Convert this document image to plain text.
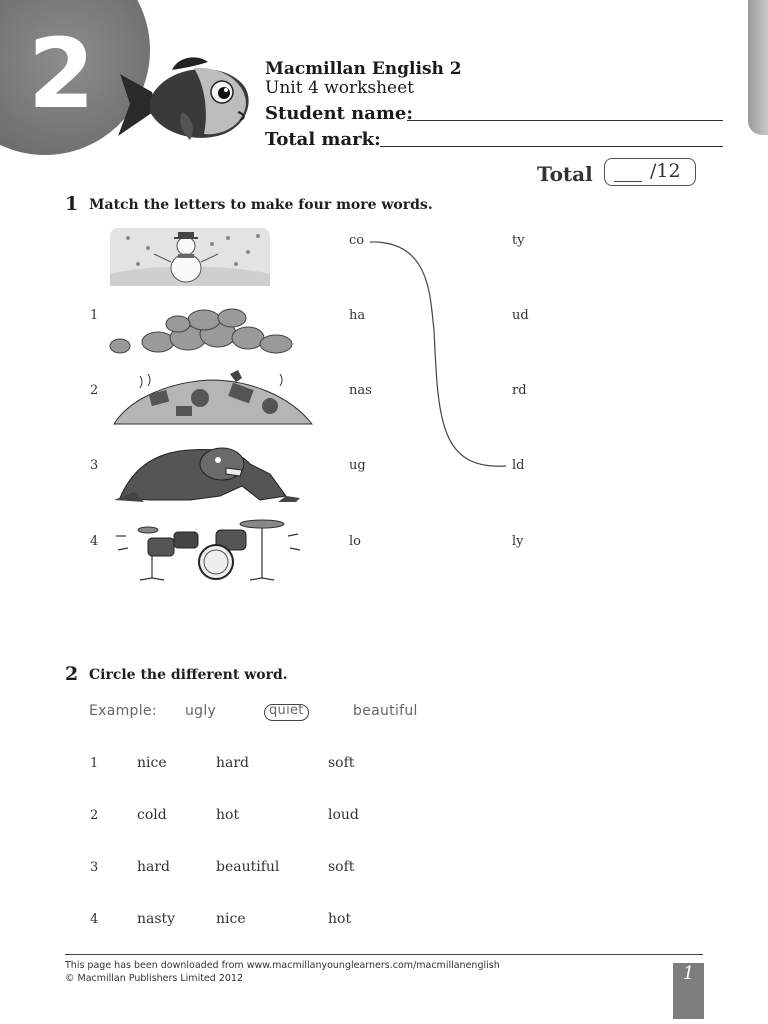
2	Macmillan English 2
Unit 4 worksheet
Student name:
Total mark:
Total	/12
1 Match the letters to make four more words.
co	ty
1	ha	ud
2	nas	rd
3	ug	ld
4	lo	ly
2 Circle the different word.
Example: ugly	quiet	beautiful
1	nice	hard	soft
2	cold	hot	loud
3	hard	beautiful	soft
4	nasty	nice	hot
This page has been downloaded from www.macmillanyounglearners.com/macmillanenglish
© Macmillan Publishers Limited 2012	1
